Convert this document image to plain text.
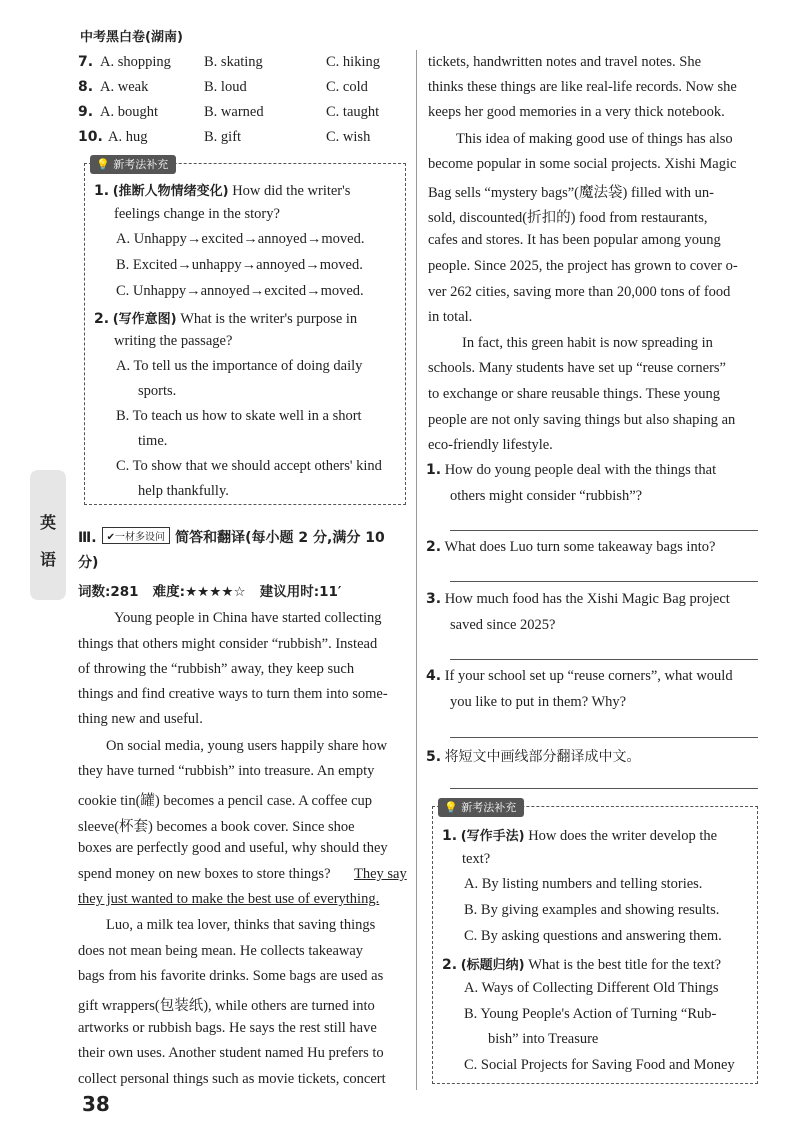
中考黑白卷(湖南)
7. A. shopping B. skating	C. hiking
8. A. weak	B. loud	C. cold
9. A. bought	B. warned	C. taught
10. A. hug	B. gift	C. wish
💡 新考法补充
1. (推断人物情绪变化) How did the writer's
feelings change in the story?
A. Unhappy→excited→annoyed→moved.
B. Excited→unhappy→annoyed→moved.
C. Unhappy→annoyed→excited→moved.
2. (写作意图) What is the writer's purpose in
writing the passage?
A. To tell us the importance of doing daily
sports.
B. To teach us how to skate well in a short
time.
C. To show that we should accept others' kind
help thankfully.
英
语
Ⅲ. ✔一材多设问 简答和翻译(每小题 2 分,满分 10
分)
词数:281   难度:★★★★☆   建议用时:11′
Young people in China have started collecting
things that others might consider “rubbish”. Instead
of throwing the “rubbish” away, they keep such
things and find creative ways to turn them into some-
thing new and useful.
On social media, young users happily share how
they have turned “rubbish” into treasure. An empty
cookie tin(罐) becomes a pencil case. A coffee cup
sleeve(杯套) becomes a book cover. Since shoe
boxes are perfectly good and useful, why should they
spend money on new boxes to store things? They say
they just wanted to make the best use of everything.
Luo, a milk tea lover, thinks that saving things
does not mean being mean. He collects takeaway
bags from his favorite drinks. Some bags are used as
gift wrappers(包装纸), while others are turned into
artworks or rubbish bags. He says the rest still have
their own uses. Another student named Hu prefers to
collect personal things such as movie tickets, concert
tickets, handwritten notes and travel notes. She
thinks these things are like real-life records. Now she
keeps her good memories in a very thick notebook.
This idea of making good use of things has also
become popular in some social projects. Xishi Magic
Bag sells “mystery bags”(魔法袋) filled with un-
sold, discounted(折扣的) food from restaurants,
cafes and stores. It has been popular among young
people. Since 2025, the project has grown to cover o-
ver 262 cities, saving more than 20,000 tons of food
in total.
In fact, this green habit is now spreading in
schools. Many students have set up “reuse corners”
to exchange or share reusable things. These young
people are not only saving things but also shaping an
eco-friendly lifestyle.
1. How do young people deal with the things that
others might consider “rubbish”?
2. What does Luo turn some takeaway bags into?
3. How much food has the Xishi Magic Bag project
saved since 2025?
4. If your school set up “reuse corners”, what would
you like to put in them? Why?
5. 将短文中画线部分翻译成中文。
💡 新考法补充
1. (写作手法) How does the writer develop the
text?
A. By listing numbers and telling stories.
B. By giving examples and showing results.
C. By asking questions and answering them.
2. (标题归纳) What is the best title for the text?
A. Ways of Collecting Different Old Things
B. Young People's Action of Turning “Rub-
bish” into Treasure
C. Social Projects for Saving Food and Money
38
